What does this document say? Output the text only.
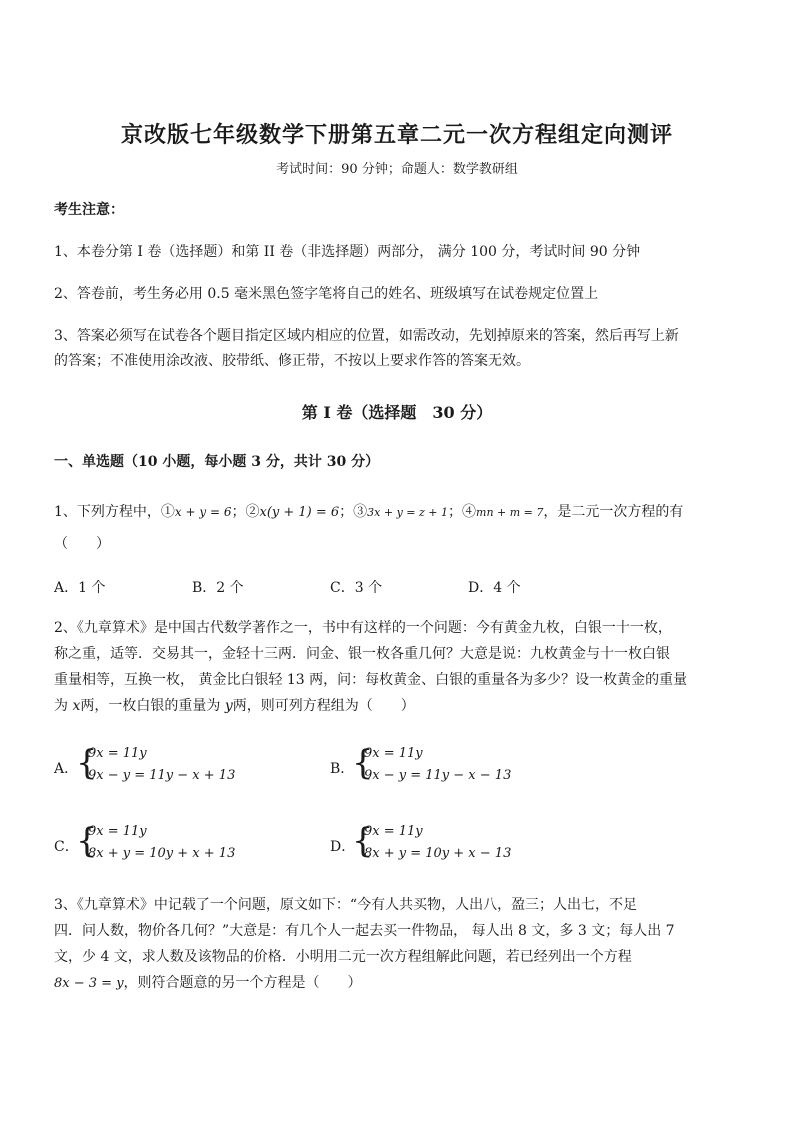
京改版七年级数学下册第五章二元一次方程组定向测评
考试时间：90 分钟；命题人：数学教研组
考生注意：
1、本卷分第 I 卷（选择题）和第 II 卷（非选择题）两部分， 满分 100 分，考试时间 90 分钟
2、答卷前，考生务必用 0.5 毫米黑色签字笔将自己的姓名、班级填写在试卷规定位置上
3、答案必须写在试卷各个题目指定区域内相应的位置，如需改动，先划掉原来的答案，然后再写上新
的答案；不准使用涂改液、胶带纸、修正带，不按以上要求作答的答案无效。
第 I 卷（选择题　30 分）
一、单选题（10 小题，每小题 3 分，共计 30 分）
1、下列方程中，①x + y = 6；②x(y + 1) = 6；③3x + y = z + 1；④mn + m = 7，是二元一次方程的有
（　　）
A．1 个	B．2 个	C．3 个	D．4 个
2、《九章算术》是中国古代数学著作之一，书中有这样的一个问题：今有黄金九枚，白银一十一枚，
称之重，适等．交易其一，金轻十三两．问金、银一枚各重几何？大意是说：九枚黄金与十一枚白银
重量相等，互换一枚， 黄金比白银轻 13 两，问：每枚黄金、白银的重量各为多少？设一枚黄金的重量
为 x两，一枚白银的重量为 y两，则可列方程组为（　　）
A．
{
9x = 11y
9x − y = 11y − x + 13	B．
{
9x = 11y
9x − y = 11y − x − 13
C．
{
9x = 11y
8x + y = 10y + x + 13	D．
{
9x = 11y
8x + y = 10y + x − 13
3、《九章算术》中记载了一个问题，原文如下：“今有人共买物，人出八，盈三；人出七，不足
四．问人数，物价各几何？”大意是：有几个人一起去买一件物品， 每人出 8 文，多 3 文；每人出 7
文，少 4 文，求人数及该物品的价格．小明用二元一次方程组解此问题，若已经列出一个方程
8x − 3 = y，则符合题意的另一个方程是（　　）
